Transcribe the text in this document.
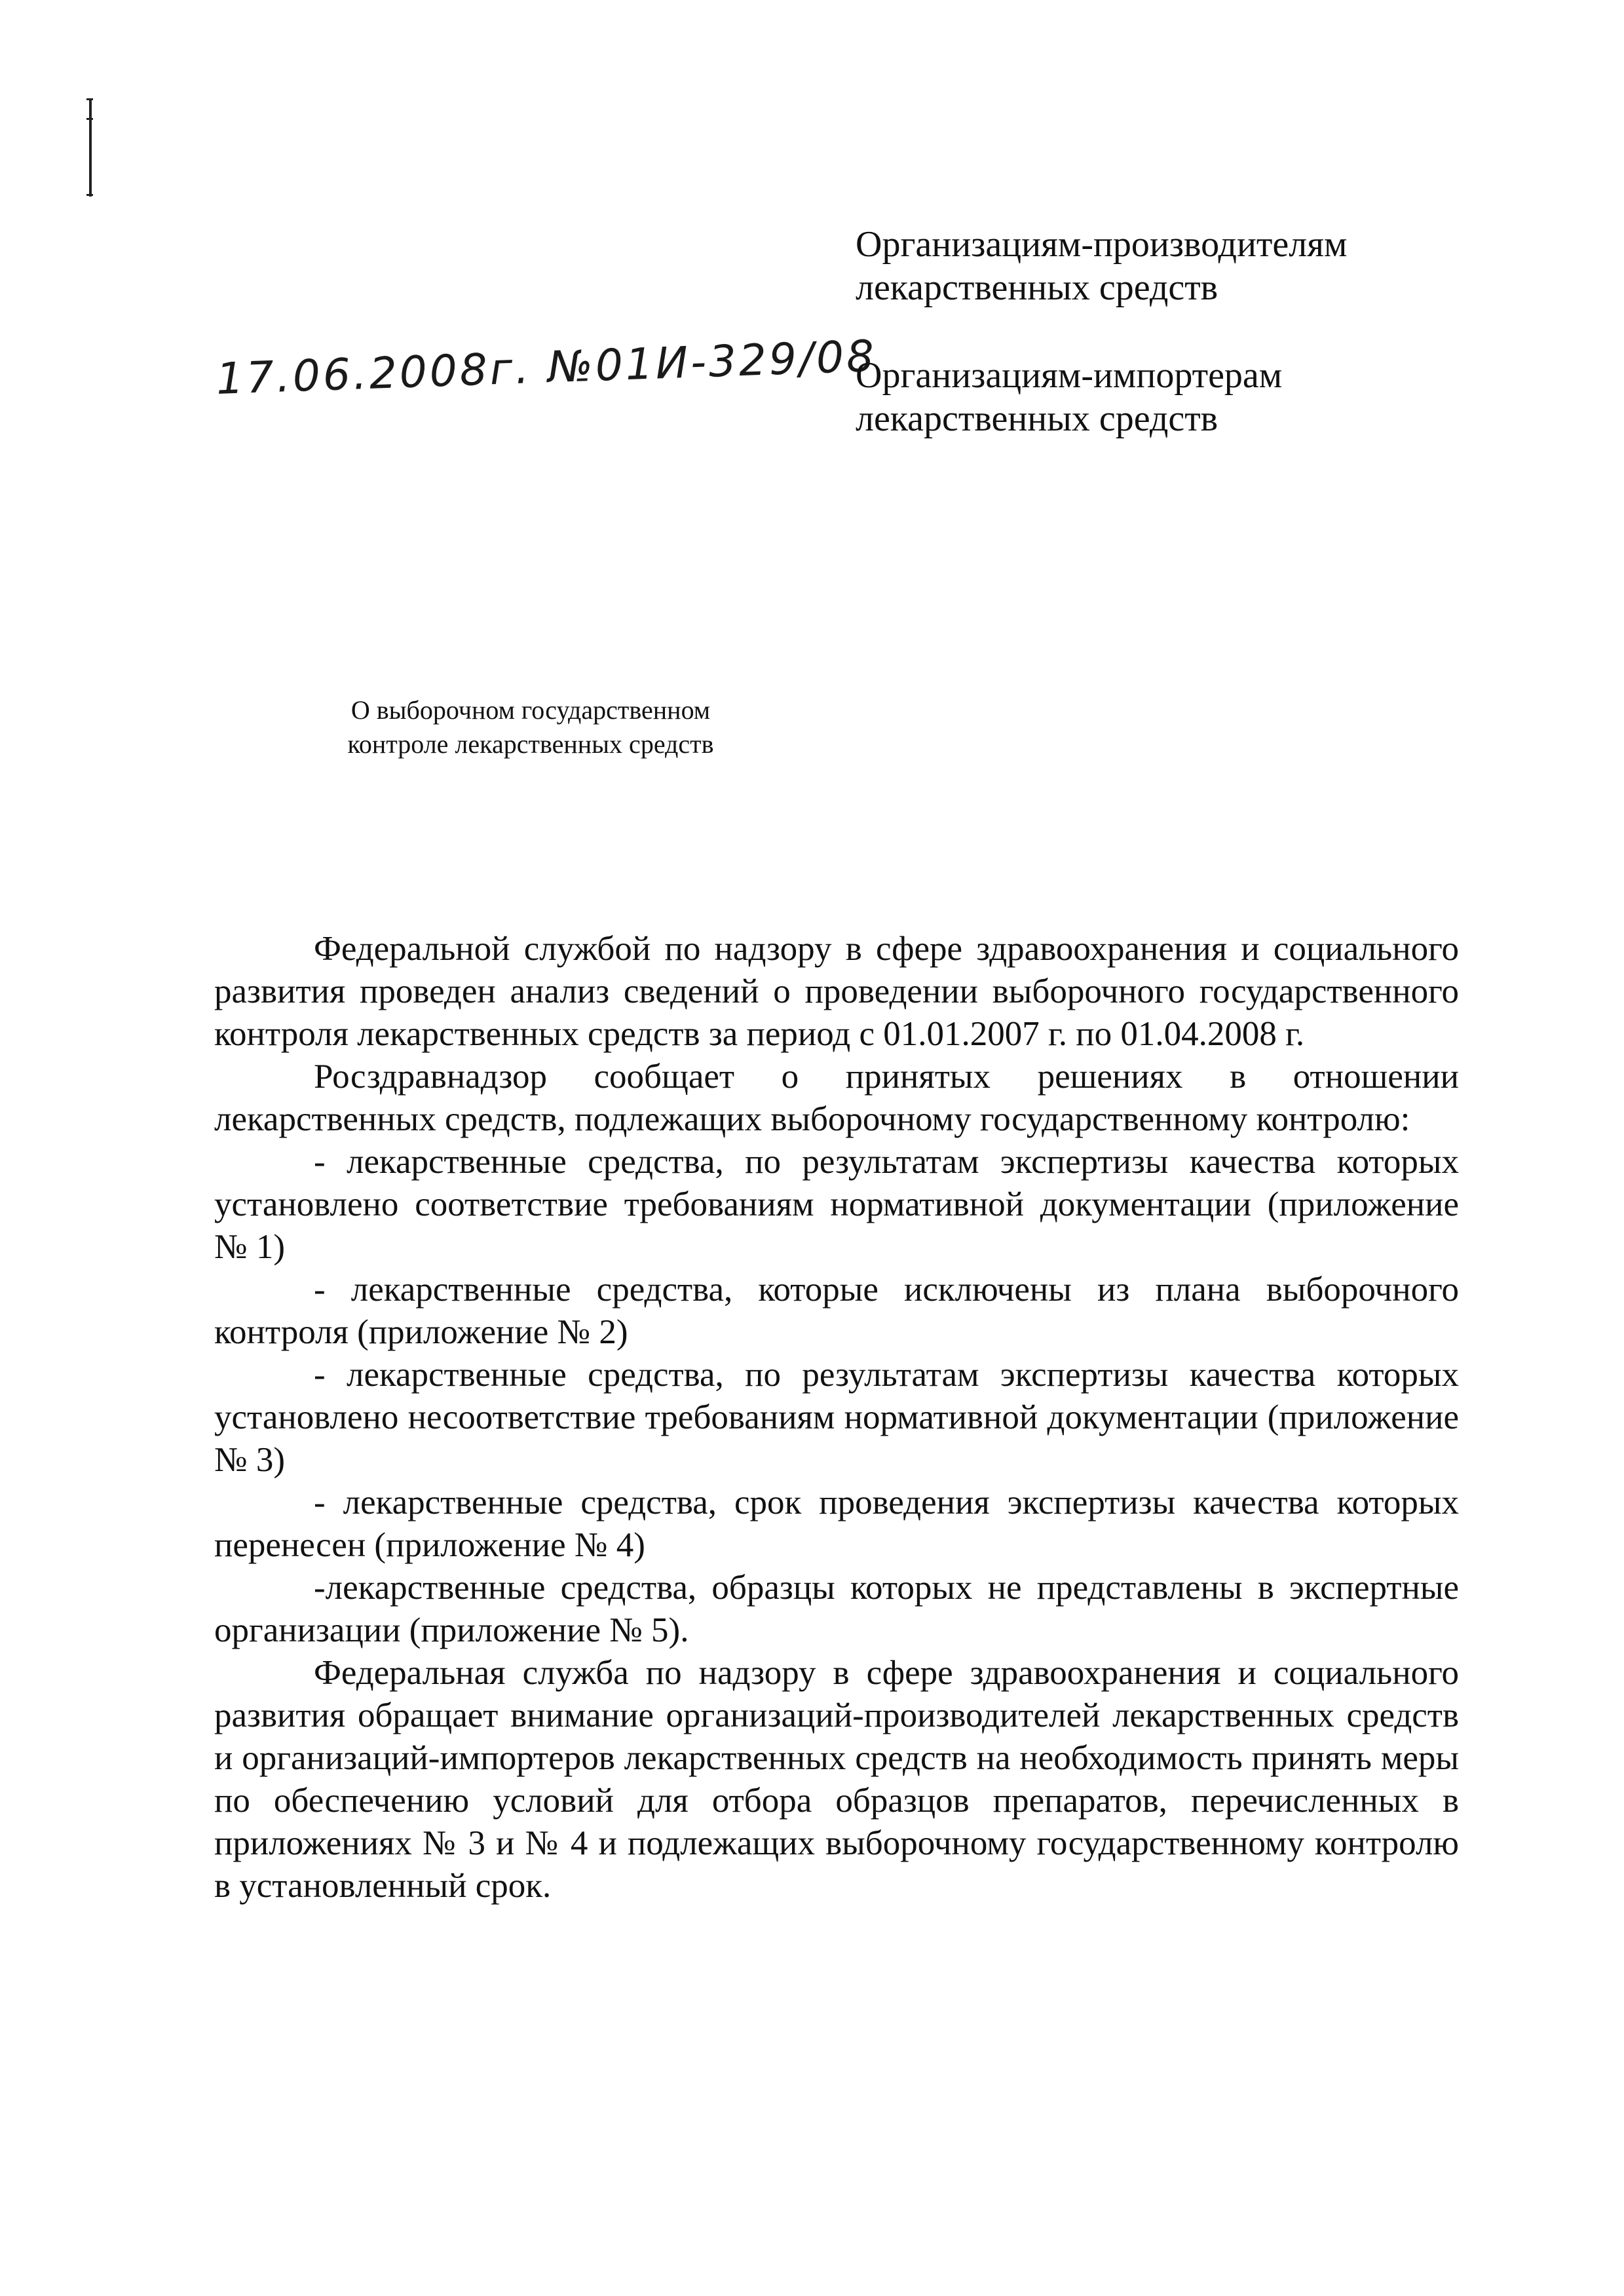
Организациям-производителям
лекарственных средств
17.06.2008г. №01И-329/08
Организациям-импортерам
лекарственных средств
О выборочном государственном
контроле лекарственных средств

Федеральной службой по надзору в сфере здравоохранения и социального развития проведен анализ сведений о проведении выборочного государственного контроля лекарственных средств за период с 01.01.2007 г. по 01.04.2008 г.

Росздравнадзор сообщает о принятых решениях в отношении лекарственных средств, подлежащих выборочному государственному контролю:

- лекарственные средства, по результатам экспертизы качества которых установлено соответствие требованиям нормативной документации (приложение № 1)

- лекарственные средства, которые исключены из плана выборочного контроля (приложение № 2)

- лекарственные средства, по результатам экспертизы качества которых установлено несоответствие требованиям нормативной документации (приложение № 3)

- лекарственные средства, срок проведения экспертизы качества которых перенесен (приложение № 4)

-лекарственные средства, образцы которых не представлены в экспертные организации (приложение № 5).

Федеральная служба по надзору в сфере здравоохранения и социального развития обращает внимание организаций-производителей лекарственных средств и организаций-импортеров лекарственных средств на необходимость принять меры по обеспечению условий для отбора образцов препаратов, перечисленных в приложениях № 3 и № 4 и подлежащих выборочному государственному контролю в установленный срок.
